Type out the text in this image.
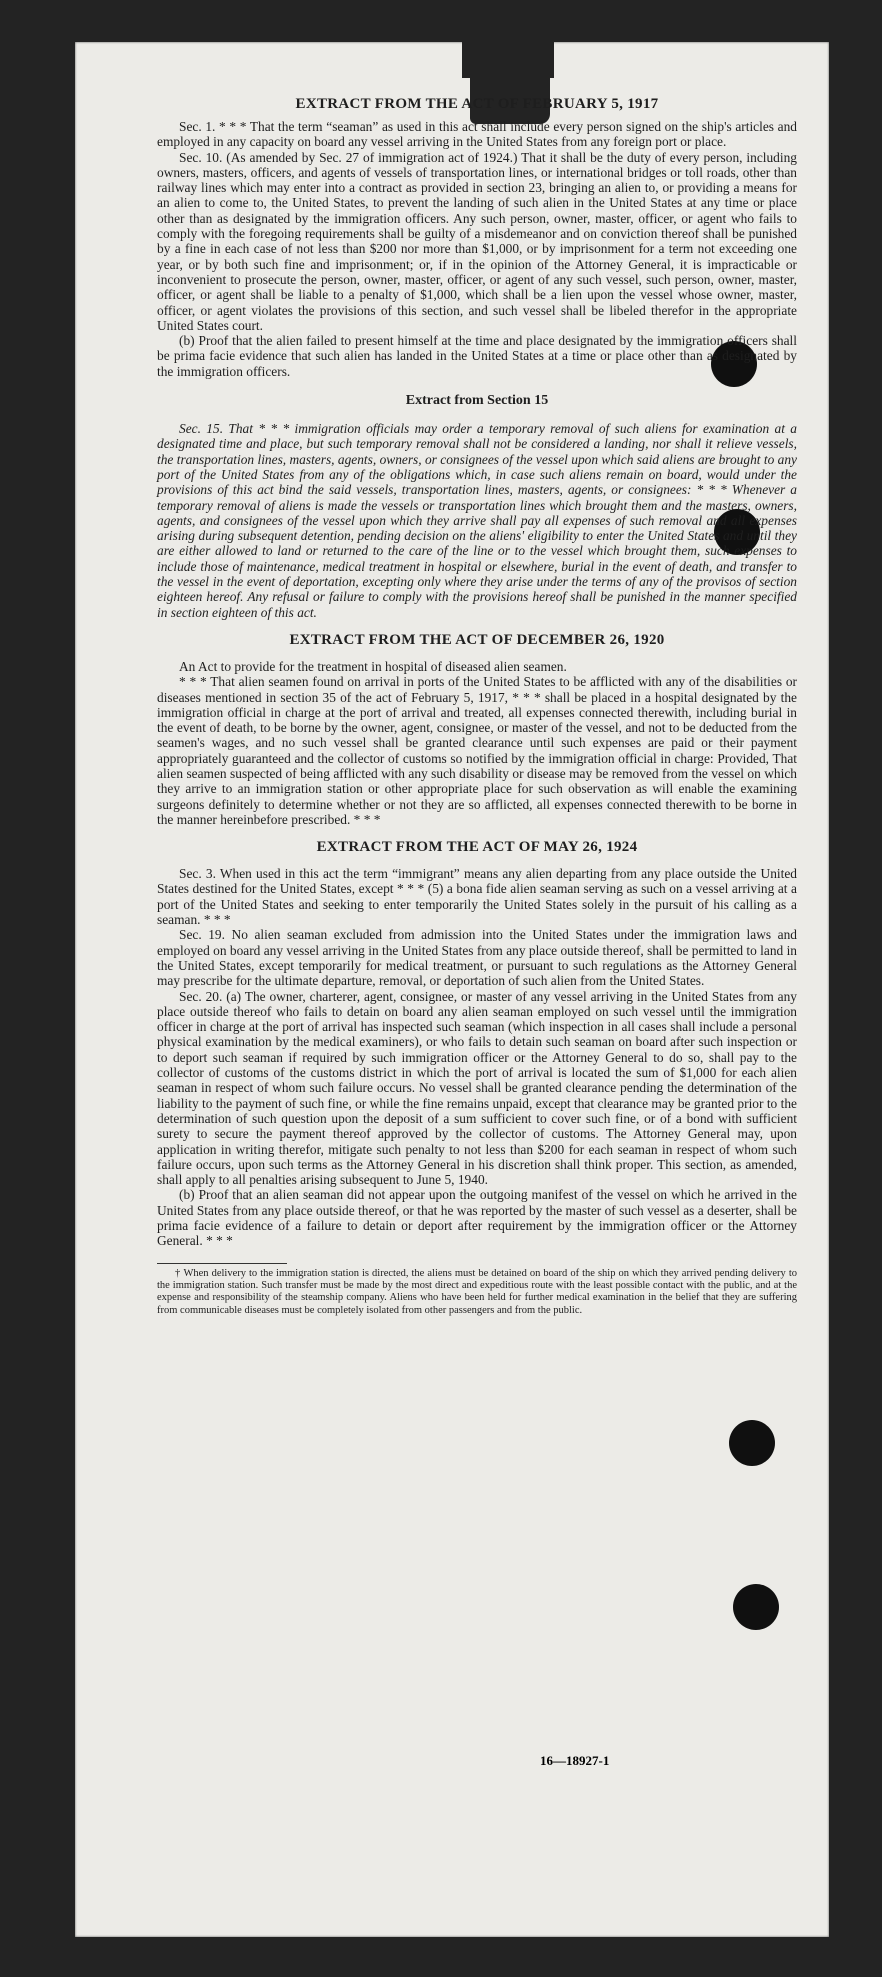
EXTRACT FROM THE ACT OF FEBRUARY 5, 1917

Sec. 1. * * * That the term “seaman” as used in this act shall include every person signed on the ship's articles and employed in any capacity on board any vessel arriving in the United States from any foreign port or place.

Sec. 10. (As amended by Sec. 27 of immigration act of 1924.) That it shall be the duty of every person, including owners, masters, officers, and agents of vessels of transportation lines, or international bridges or toll roads, other than railway lines which may enter into a contract as provided in section 23, bringing an alien to, or providing a means for an alien to come to, the United States, to prevent the landing of such alien in the United States at any time or place other than as designated by the immigration officers. Any such person, owner, master, officer, or agent who fails to comply with the foregoing requirements shall be guilty of a misdemeanor and on conviction thereof shall be punished by a fine in each case of not less than $200 nor more than $1,000, or by imprisonment for a term not exceeding one year, or by both such fine and imprisonment; or, if in the opinion of the Attorney General, it is impracticable or inconvenient to prosecute the person, owner, master, officer, or agent of any such vessel, such person, owner, master, officer, or agent shall be liable to a penalty of $1,000, which shall be a lien upon the vessel whose owner, master, officer, or agent violates the provisions of this section, and such vessel shall be libeled therefor in the appropriate United States court.

(b) Proof that the alien failed to present himself at the time and place designated by the immigration officers shall be prima facie evidence that such alien has landed in the United States at a time or place other than as designated by the immigration officers.

Extract from Section 15

Sec. 15. That * * * immigration officials may order a temporary removal of such aliens for examination at a designated time and place, but such temporary removal shall not be considered a landing, nor shall it relieve vessels, the transportation lines, masters, agents, owners, or consignees of the vessel upon which said aliens are brought to any port of the United States from any of the obligations which, in case such aliens remain on board, would under the provisions of this act bind the said vessels, transportation lines, masters, agents, or consignees: * * * Whenever a temporary removal of aliens is made the vessels or transportation lines which brought them and the masters, owners, agents, and consignees of the vessel upon which they arrive shall pay all expenses of such removal and all expenses arising during subsequent detention, pending decision on the aliens' eligibility to enter the United States and until they are either allowed to land or returned to the care of the line or to the vessel which brought them, such expenses to include those of maintenance, medical treatment in hospital or elsewhere, burial in the event of death, and transfer to the vessel in the event of deportation, excepting only where they arise under the terms of any of the provisos of section eighteen hereof. Any refusal or failure to comply with the provisions hereof shall be punished in the manner specified in section eighteen of this act.

EXTRACT FROM THE ACT OF DECEMBER 26, 1920

An Act to provide for the treatment in hospital of diseased alien seamen.

* * * That alien seamen found on arrival in ports of the United States to be afflicted with any of the disabilities or diseases mentioned in section 35 of the act of February 5, 1917, * * * shall be placed in a hospital designated by the immigration official in charge at the port of arrival and treated, all expenses connected therewith, including burial in the event of death, to be borne by the owner, agent, consignee, or master of the vessel, and not to be deducted from the seamen's wages, and no such vessel shall be granted clearance until such expenses are paid or their payment appropriately guaranteed and the collector of customs so notified by the immigration official in charge: Provided, That alien seamen suspected of being afflicted with any such disability or disease may be removed from the vessel on which they arrive to an immigration station or other appropriate place for such observation as will enable the examining surgeons definitely to determine whether or not they are so afflicted, all expenses connected therewith to be borne in the manner hereinbefore prescribed. * * *

EXTRACT FROM THE ACT OF MAY 26, 1924

Sec. 3. When used in this act the term “immigrant” means any alien departing from any place outside the United States destined for the United States, except * * * (5) a bona fide alien seaman serving as such on a vessel arriving at a port of the United States and seeking to enter temporarily the United States solely in the pursuit of his calling as a seaman. * * *

Sec. 19. No alien seaman excluded from admission into the United States under the immigration laws and employed on board any vessel arriving in the United States from any place outside thereof, shall be permitted to land in the United States, except temporarily for medical treatment, or pursuant to such regulations as the Attorney General may prescribe for the ultimate departure, removal, or deportation of such alien from the United States.

Sec. 20. (a) The owner, charterer, agent, consignee, or master of any vessel arriving in the United States from any place outside thereof who fails to detain on board any alien seaman employed on such vessel until the immigration officer in charge at the port of arrival has inspected such seaman (which inspection in all cases shall include a personal physical examination by the medical examiners), or who fails to detain such seaman on board after such inspection or to deport such seaman if required by such immigration officer or the Attorney General to do so, shall pay to the collector of customs of the customs district in which the port of arrival is located the sum of $1,000 for each alien seaman in respect of whom such failure occurs. No vessel shall be granted clearance pending the determination of the liability to the payment of such fine, or while the fine remains unpaid, except that clearance may be granted prior to the determination of such question upon the deposit of a sum sufficient to cover such fine, or of a bond with sufficient surety to secure the payment thereof approved by the collector of customs. The Attorney General may, upon application in writing therefor, mitigate such penalty to not less than $200 for each seaman in respect of whom such failure occurs, upon such terms as the Attorney General in his discretion shall think proper. This section, as amended, shall apply to all penalties arising subsequent to June 5, 1940.

(b) Proof that an alien seaman did not appear upon the outgoing manifest of the vessel on which he arrived in the United States from any place outside thereof, or that he was reported by the master of such vessel as a deserter, shall be prima facie evidence of a failure to detain or deport after requirement by the immigration officer or the Attorney General. * * *

† When delivery to the immigration station is directed, the aliens must be detained on board of the ship on which they arrived pending delivery to the immigration station. Such transfer must be made by the most direct and expeditious route with the least possible contact with the public, and at the expense and responsibility of the steamship company. Aliens who have been held for further medical examination in the belief that they are suffering from communicable diseases must be completely isolated from other passengers and from the public.

16—18927-1
